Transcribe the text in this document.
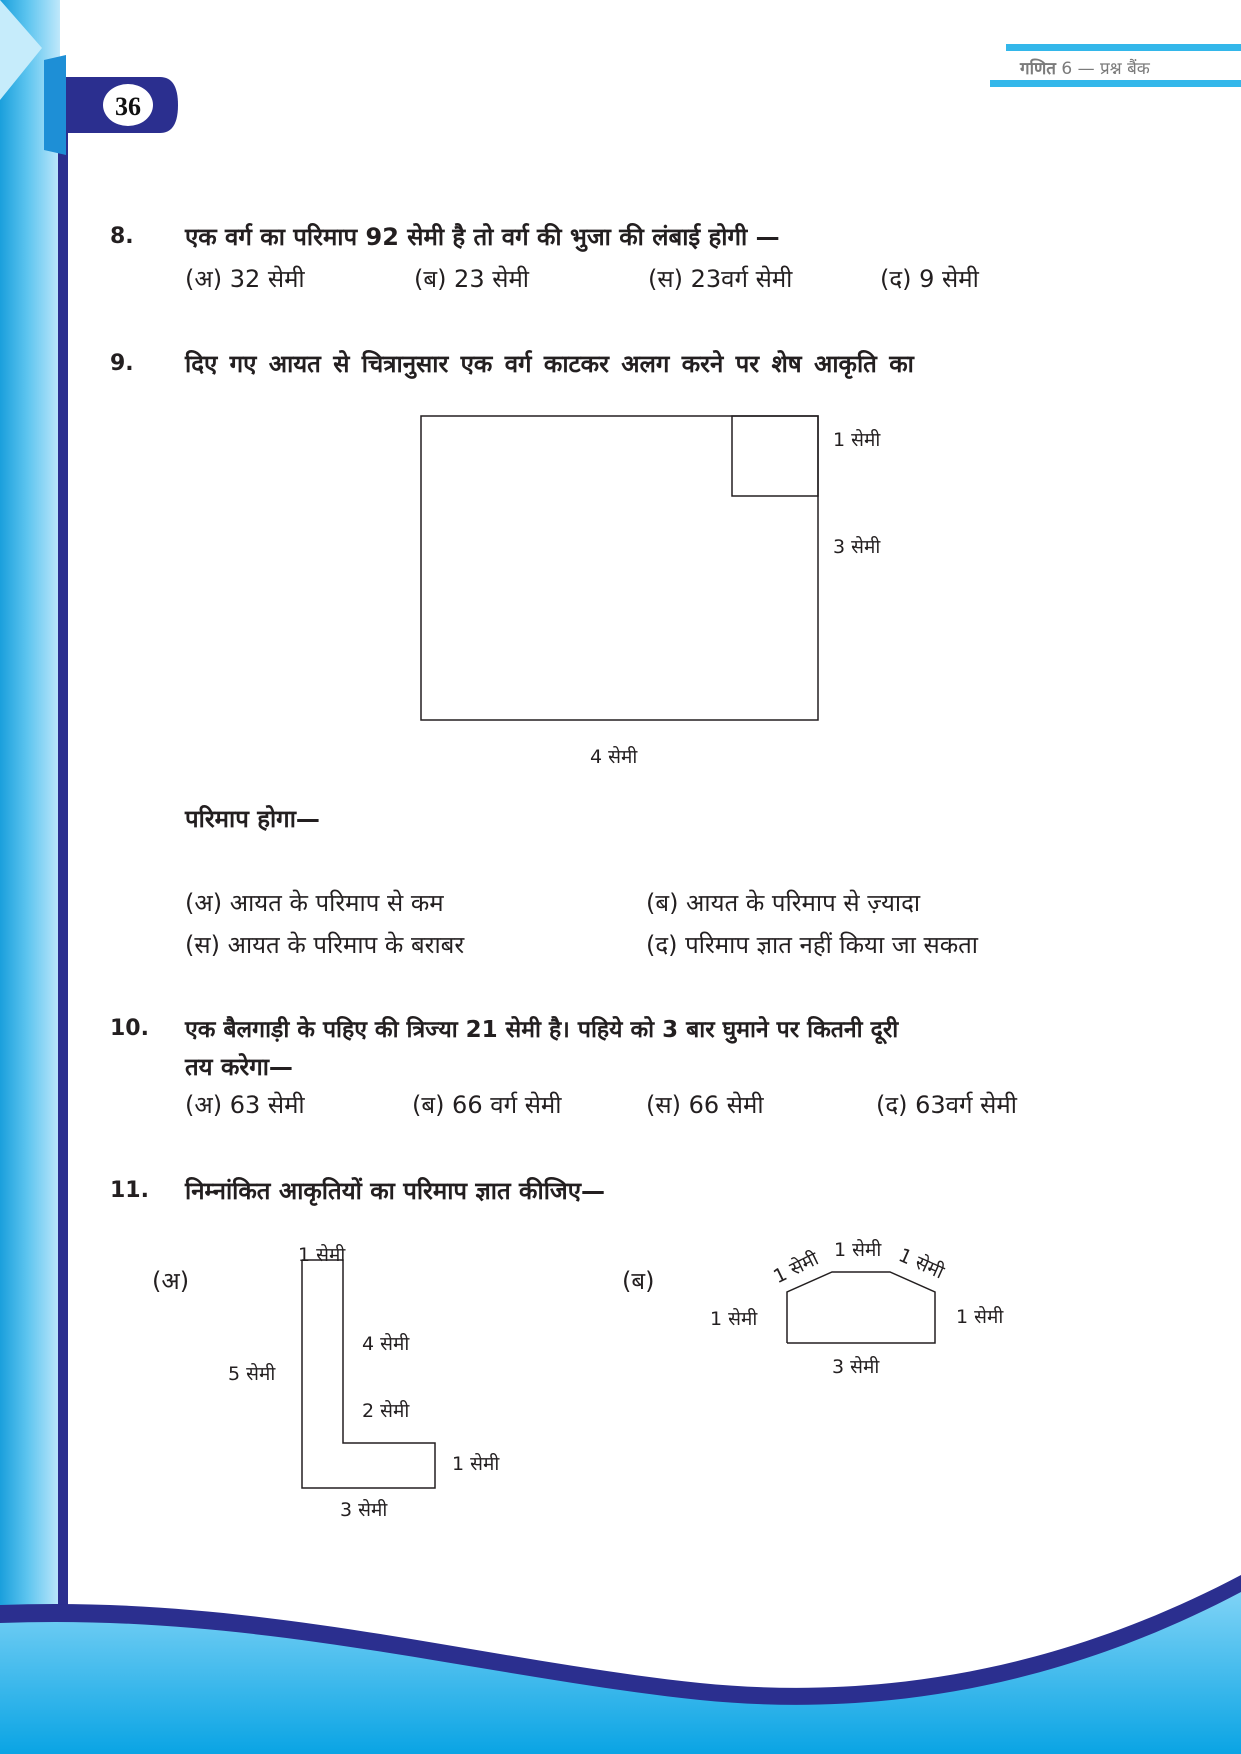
36
गणित 6 — प्रश्न बैंक
8. एक वर्ग का परिमाप 92 सेमी है तो वर्ग की भुजा की लंबाई होगी —
(अ) 32 सेमी	(ब) 23 सेमी	(स) 23वर्ग सेमी	(द) 9 सेमी
9. दिए गए आयत से चित्रानुसार एक वर्ग काटकर अलग करने पर शेष आकृति का
1 सेमी
3 सेमी
4 सेमी
परिमाप होगा—
(अ) आयत के परिमाप से कम	(ब) आयत के परिमाप से ज़्यादा
(स) आयत के परिमाप के बराबर	(द) परिमाप ज्ञात नहीं किया जा सकता
10. एक बैलगाड़ी के पहिए की त्रिज्या 21 सेमी है। पहिये को 3 बार घुमाने पर कितनी दूरी
तय करेगा—
(अ) 63 सेमी	(ब) 66 वर्ग सेमी	(स) 66 सेमी	(द) 63वर्ग सेमी
11. निम्नांकित आकृतियों का परिमाप ज्ञात कीजिए—
(अ)
1 सेमी
5 सेमी
4 सेमी
2 सेमी
1 सेमी
3 सेमी
(ब)	1 सेमी 1 सेमी 1 सेमी
1 सेमी	1 सेमी
3 सेमी
